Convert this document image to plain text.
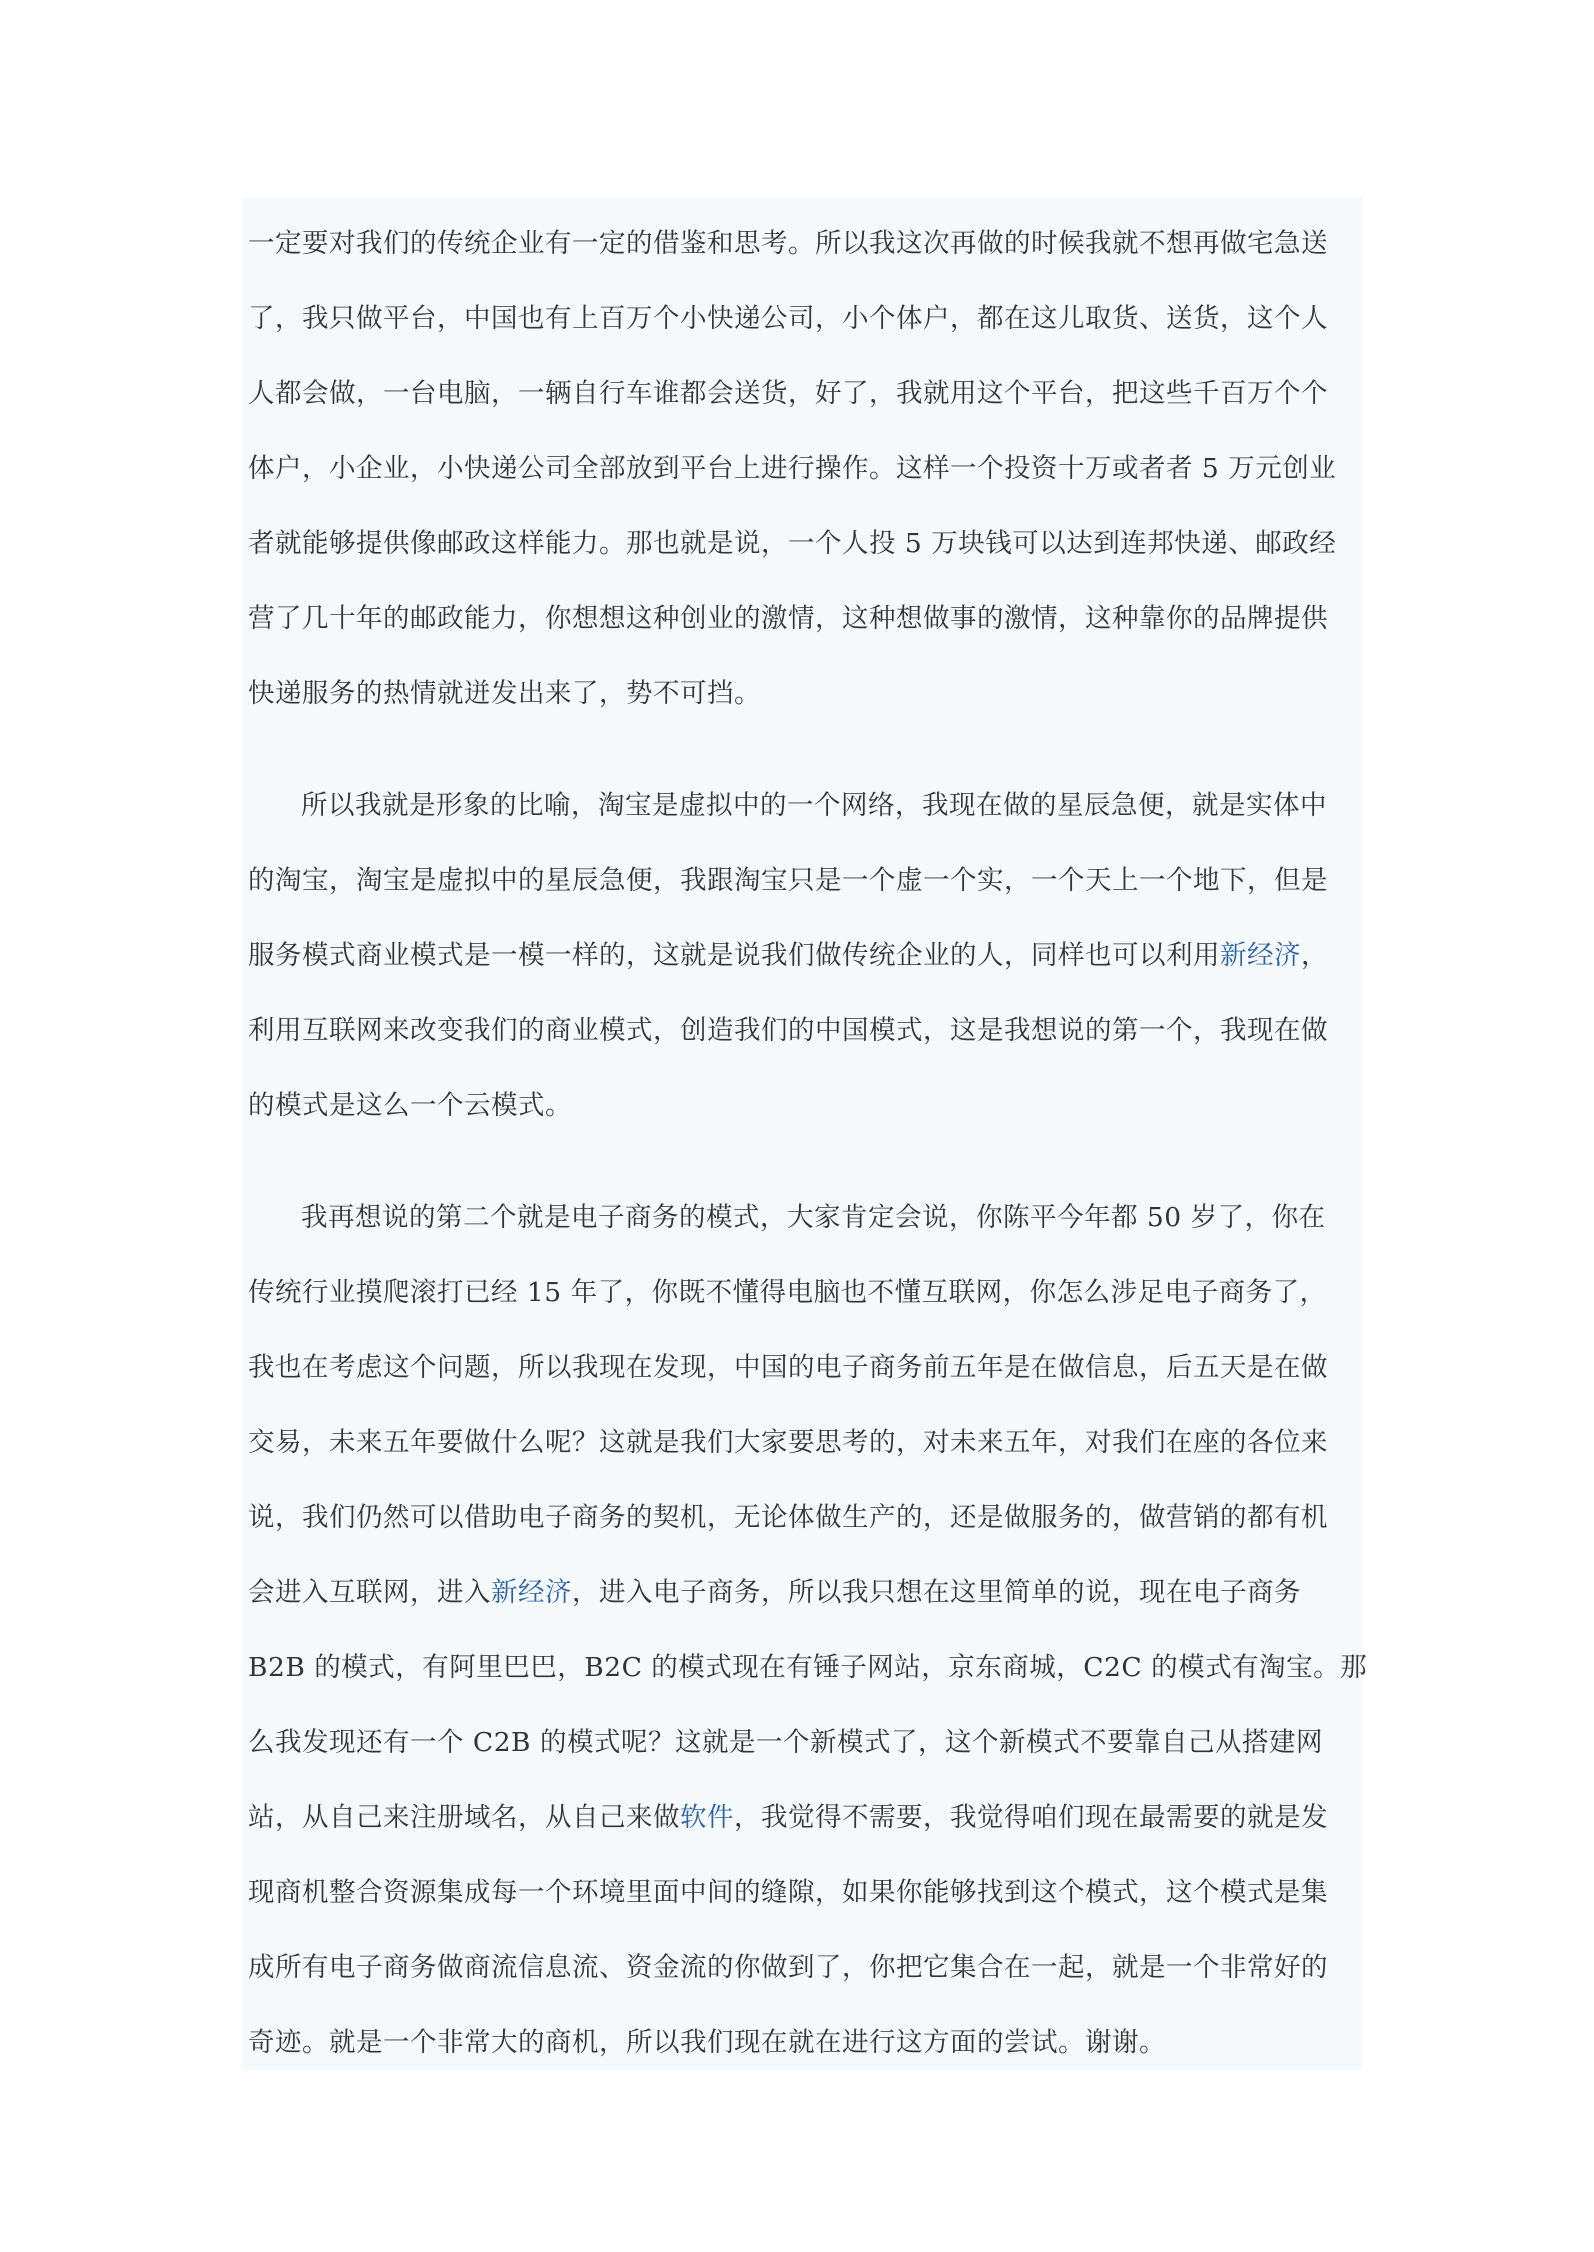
一定要对我们的传统企业有一定的借鉴和思考。所以我这次再做的时候我就不想再做宅急送
了，我只做平台，中国也有上百万个小快递公司，小个体户，都在这儿取货、送货，这个人
人都会做，一台电脑，一辆自行车谁都会送货，好了，我就用这个平台，把这些千百万个个
体户，小企业，小快递公司全部放到平台上进行操作。这样一个投资十万或者者 5 万元创业
者就能够提供像邮政这样能力。那也就是说，一个人投 5 万块钱可以达到连邦快递、邮政经
营了几十年的邮政能力，你想想这种创业的激情，这种想做事的激情，这种靠你的品牌提供
快递服务的热情就迸发出来了，势不可挡。

所以我就是形象的比喻，淘宝是虚拟中的一个网络，我现在做的星辰急便，就是实体中
的淘宝，淘宝是虚拟中的星辰急便，我跟淘宝只是一个虚一个实，一个天上一个地下，但是
服务模式商业模式是一模一样的，这就是说我们做传统企业的人，同样也可以利用新经济，
利用互联网来改变我们的商业模式，创造我们的中国模式，这是我想说的第一个，我现在做
的模式是这么一个云模式。

我再想说的第二个就是电子商务的模式，大家肯定会说，你陈平今年都 50 岁了，你在
传统行业摸爬滚打已经 15 年了，你既不懂得电脑也不懂互联网，你怎么涉足电子商务了，
我也在考虑这个问题，所以我现在发现，中国的电子商务前五年是在做信息，后五天是在做
交易，未来五年要做什么呢？这就是我们大家要思考的，对未来五年，对我们在座的各位来
说，我们仍然可以借助电子商务的契机，无论体做生产的，还是做服务的，做营销的都有机
会进入互联网，进入新经济，进入电子商务，所以我只想在这里简单的说，现在电子商务
B2B 的模式，有阿里巴巴，B2C 的模式现在有锤子网站，京东商城，C2C 的模式有淘宝。那
么我发现还有一个 C2B 的模式呢？这就是一个新模式了，这个新模式不要靠自己从搭建网
站，从自己来注册域名，从自己来做软件，我觉得不需要，我觉得咱们现在最需要的就是发
现商机整合资源集成每一个环境里面中间的缝隙，如果你能够找到这个模式，这个模式是集
成所有电子商务做商流信息流、资金流的你做到了，你把它集合在一起，就是一个非常好的
奇迹。就是一个非常大的商机，所以我们现在就在进行这方面的尝试。谢谢。
